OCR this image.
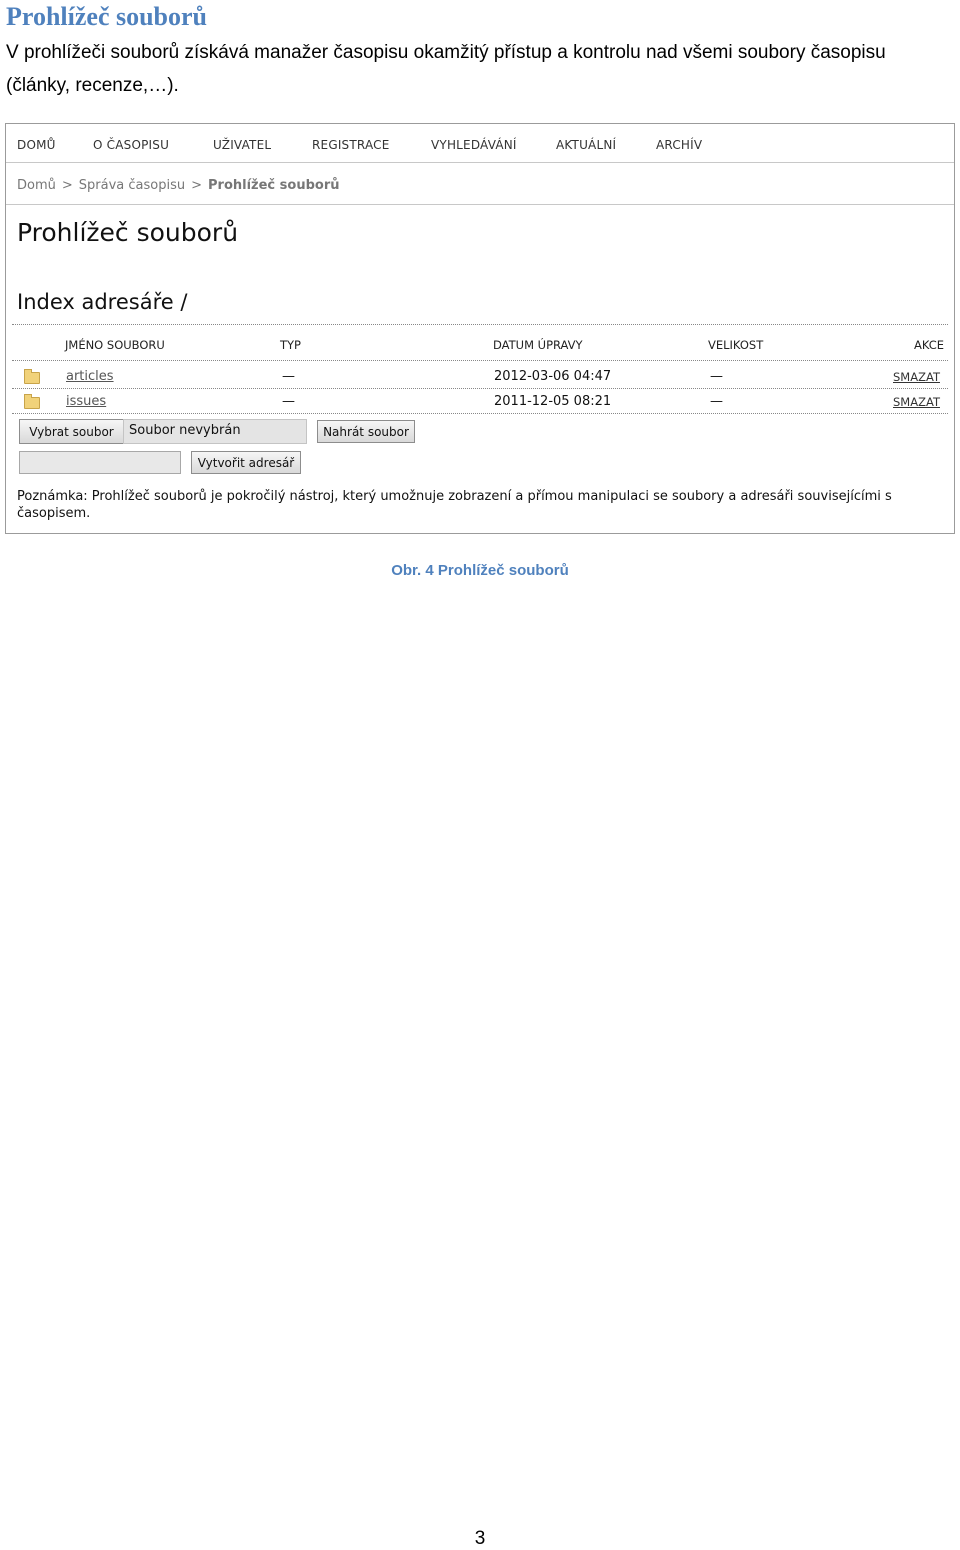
Prohlížeč souborů

V prohlížeči souborů získává manažer časopisu okamžitý přístup a kontrolu nad všemi soubory časopisu (články, recenze,…).

DOMŮ	O ČASOPISU	UŽIVATEL	REGISTRACE	VYHLEDÁVÁNÍ	AKTUÁLNÍ	ARCHÍV
Domů > Správa časopisu > Prohlížeč souborů
Prohlížeč souborů
Index adresáře /
JMÉNO SOUBORU	TYP	DATUM ÚPRAVY	VELIKOST	AKCE
articles	—	2012-03-06 04:47	—	SMAZAT
issues	—	2011-12-05 08:21	—	SMAZAT
Vybrat soubor	Soubor nevybrán	Nahrát soubor
Vytvořit adresář
Poznámka: Prohlížeč souborů je pokročilý nástroj, který umožnuje zobrazení a přímou manipulaci se soubory a adresáři souvisejícími s časopisem.
Obr. 4 Prohlížeč souborů
3
